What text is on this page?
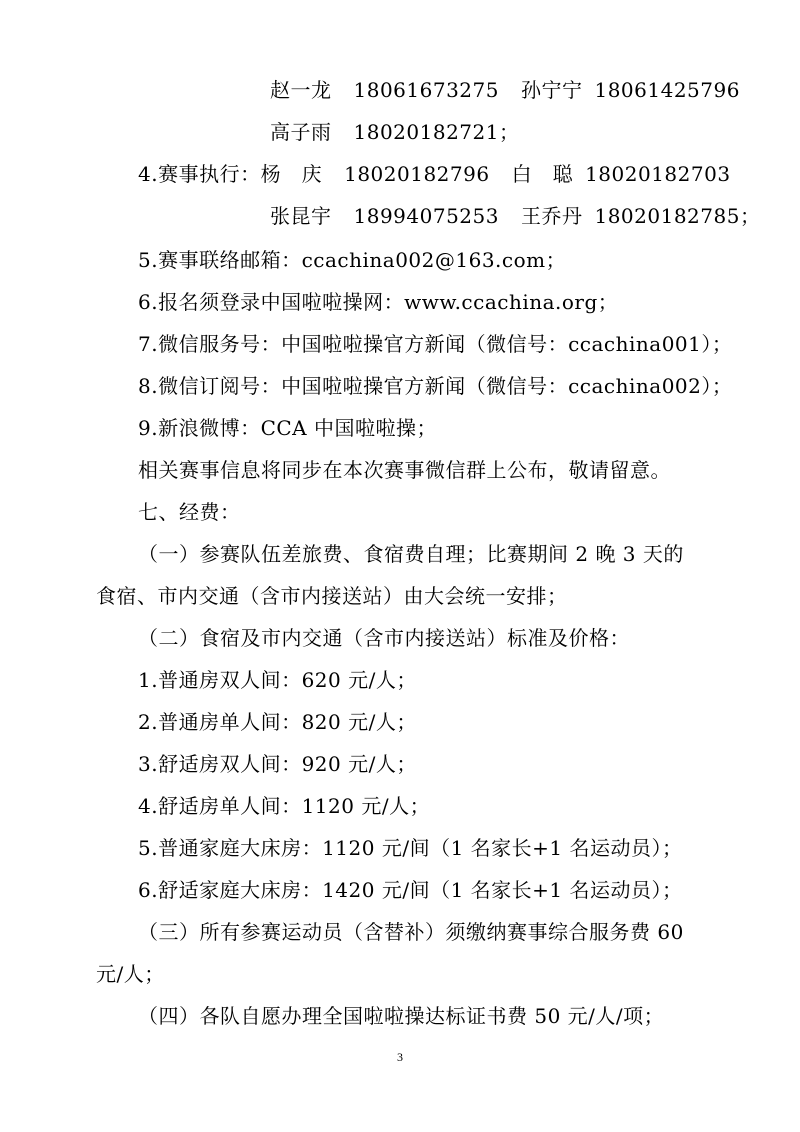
赵一龙 18061673275 孙宁宁 18061425796
高子雨 18020182721；
4.赛事执行：杨　庆 18020182796 白　聪 18020182703
张昆宇 18994075253 王乔丹 18020182785；
5.赛事联络邮箱：ccachina002@163.com；
6.报名须登录中国啦啦操网：www.ccachina.org；
7.微信服务号：中国啦啦操官方新闻（微信号：ccachina001）；
8.微信订阅号：中国啦啦操官方新闻（微信号：ccachina002）；
9.新浪微博：CCA 中国啦啦操；
相关赛事信息将同步在本次赛事微信群上公布，敬请留意。
七、经费：
（一）参赛队伍差旅费、食宿费自理；比赛期间 2 晚 3 天的
食宿、市内交通（含市内接送站）由大会统一安排；
（二）食宿及市内交通（含市内接送站）标准及价格：
1.普通房双人间：620 元/人；
2.普通房单人间：820 元/人；
3.舒适房双人间：920 元/人；
4.舒适房单人间：1120 元/人；
5.普通家庭大床房：1120 元/间（1 名家长+1 名运动员）；
6.舒适家庭大床房：1420 元/间（1 名家长+1 名运动员）；
（三）所有参赛运动员（含替补）须缴纳赛事综合服务费 60
元/人；
（四）各队自愿办理全国啦啦操达标证书费 50 元/人/项；
3
